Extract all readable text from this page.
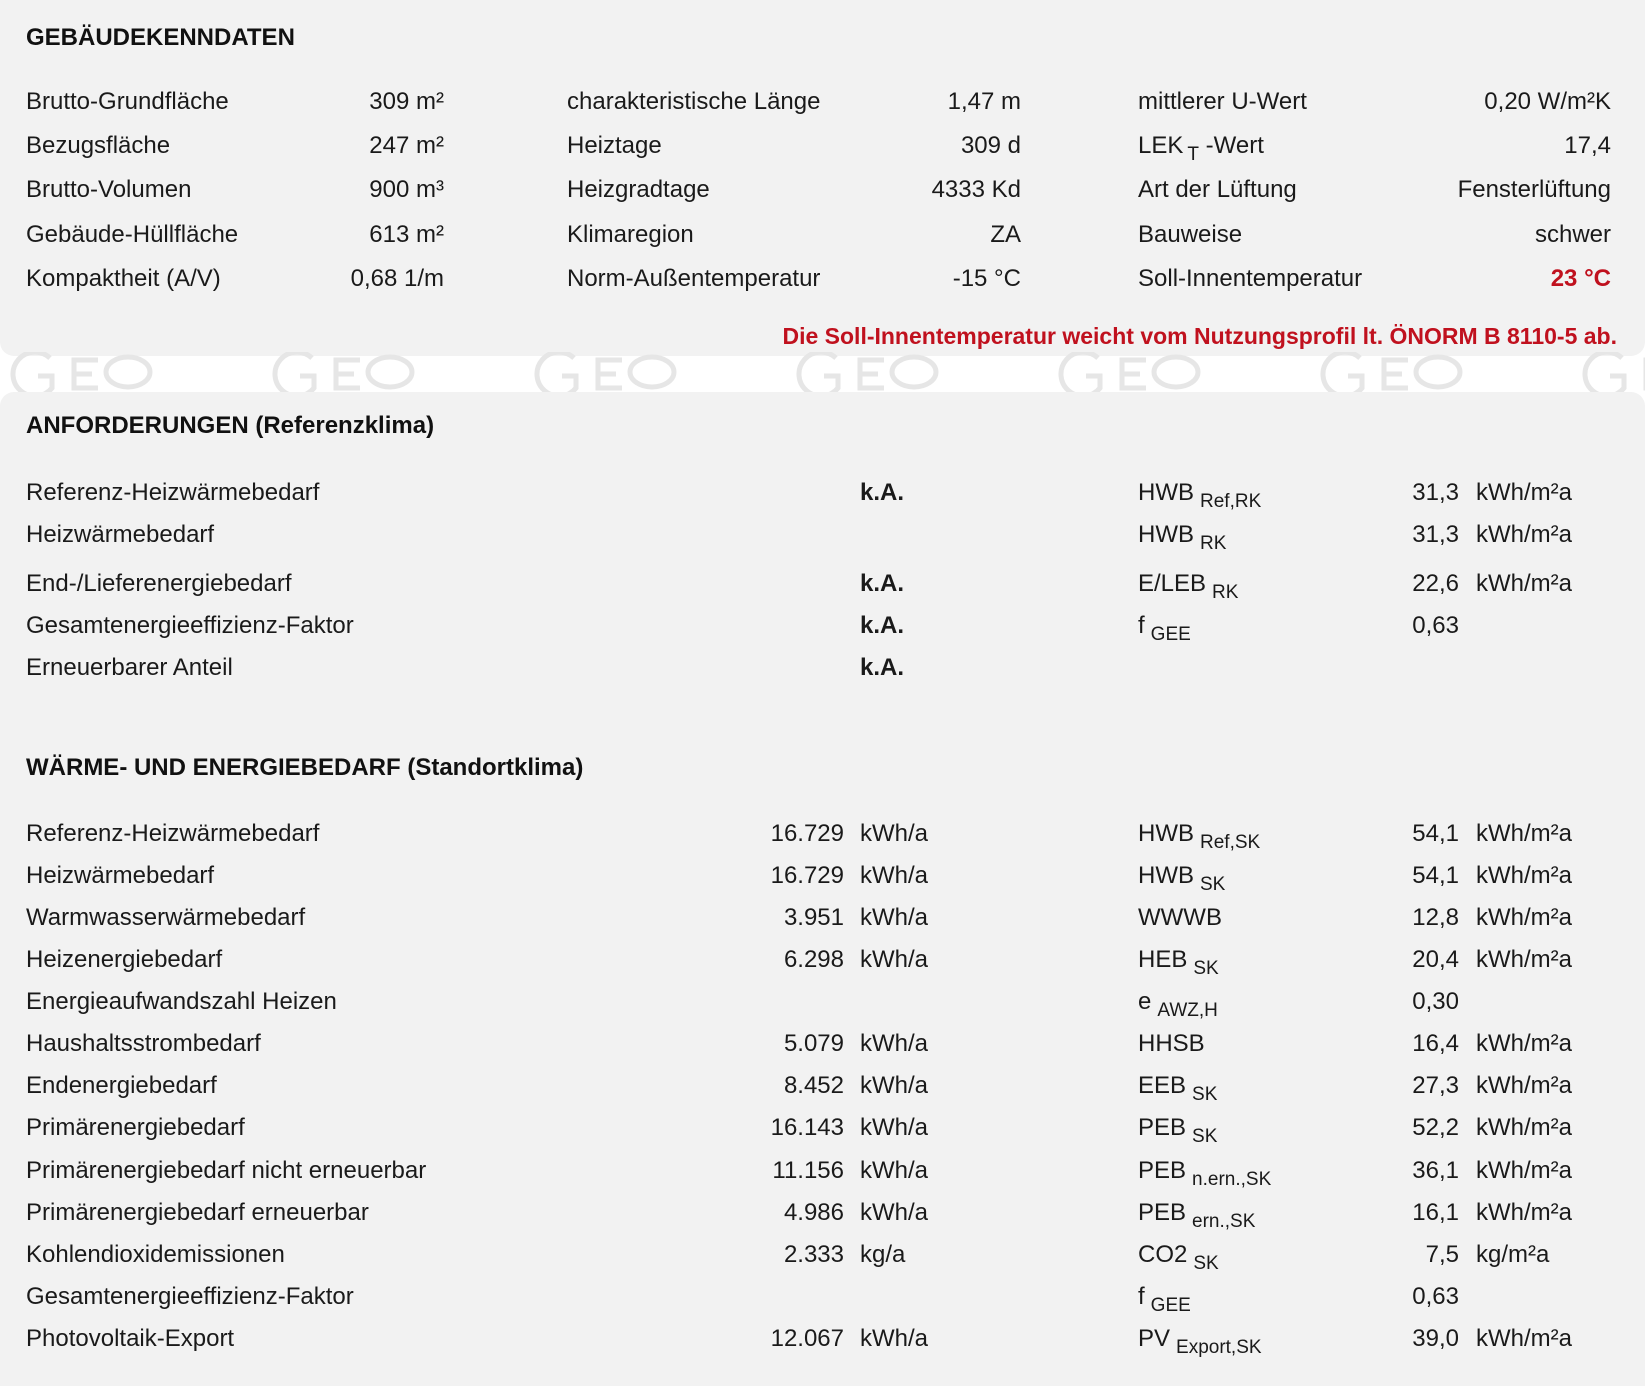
GEBÄUDEKENNDATEN
Brutto-Grundfläche	309 m²	charakteristische Länge	1,47 m	mittlerer U-Wert	0,20 W/m²K
Bezugsfläche	247 m²	Heiztage	309 d	LEK $_T$ -Wert	17,4
Brutto-Volumen	900 m³	Heizgradtage	4333 Kd	Art der Lüftung	Fensterlüftung
Gebäude-Hüllfläche	613 m²	Klimaregion	ZA	Bauweise	schwer
Kompaktheit (A/V)	0,68 1/m	Norm-Außentemperatur	-15 °C	Soll-Innentemperatur	23 °C
Die Soll-Innentemperatur weicht vom Nutzungsprofil lt. ÖNORM B 8110-5 ab.
ANFORDERUNGEN (Referenzklima)
Referenz-Heizwärmebedarf	k.A.	HWB $_{Ref,RK}$	31,3 kWh/m²a
Heizwärmebedarf	HWB $_{RK}$	31,3 kWh/m²a
End-/Lieferenergiebedarf	k.A.	E/LEB $_{RK}$	22,6 kWh/m²a
Gesamtenergieeffizienz-Faktor	k.A.	f $_{GEE}$	0,63
Erneuerbarer Anteil	k.A.
WÄRME- UND ENERGIEBEDARF (Standortklima)
Referenz-Heizwärmebedarf	16.729 kWh/a	HWB $_{Ref,SK}$	54,1 kWh/m²a
Heizwärmebedarf	16.729 kWh/a	HWB $_{SK}$	54,1 kWh/m²a
Warmwasserwärmebedarf	3.951 kWh/a	WWWB	12,8 kWh/m²a
Heizenergiebedarf	6.298 kWh/a	HEB $_{SK}$	20,4 kWh/m²a
Energieaufwandszahl Heizen	e $_{AWZ,H}$	0,30
Haushaltsstrombedarf	5.079 kWh/a	HHSB	16,4 kWh/m²a
Endenergiebedarf	8.452 kWh/a	EEB $_{SK}$	27,3 kWh/m²a
Primärenergiebedarf	16.143 kWh/a	PEB $_{SK}$	52,2 kWh/m²a
Primärenergiebedarf nicht erneuerbar	11.156 kWh/a	PEB $_{n.ern.,SK}$	36,1 kWh/m²a
Primärenergiebedarf erneuerbar	4.986 kWh/a	PEB $_{ern.,SK}$	16,1 kWh/m²a
Kohlendioxidemissionen	2.333 kg/a	CO2 $_{SK}$	7,5 kg/m²a
Gesamtenergieeffizienz-Faktor	f $_{GEE}$	0,63
Photovoltaik-Export	12.067 kWh/a	PV $_{Export,SK}$	39,0 kWh/m²a
